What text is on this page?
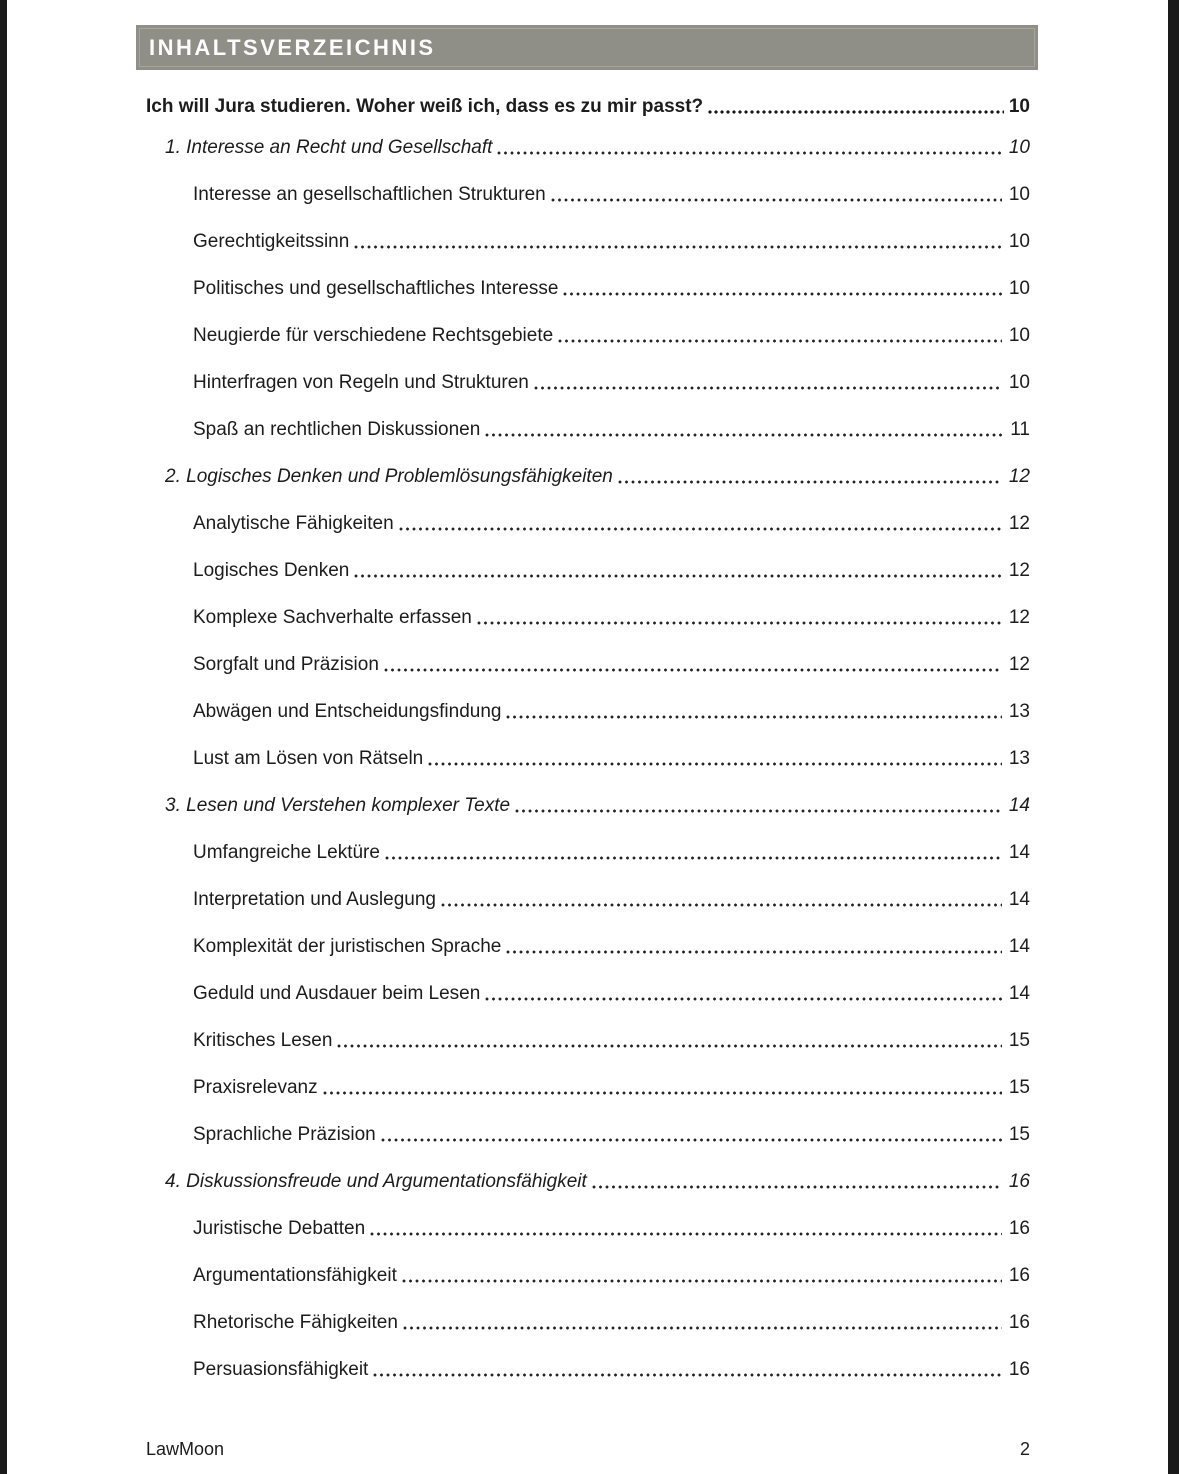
INHALTSVERZEICHNIS
Ich will Jura studieren. Woher weiß ich, dass es zu mir passt?	10
1. Interesse an Recht und Gesellschaft	10
Interesse an gesellschaftlichen Strukturen	10
Gerechtigkeitssinn	10
Politisches und gesellschaftliches Interesse	10
Neugierde für verschiedene Rechtsgebiete	10
Hinterfragen von Regeln und Strukturen	10
Spaß an rechtlichen Diskussionen	11
2. Logisches Denken und Problemlösungsfähigkeiten	12
Analytische Fähigkeiten	12
Logisches Denken	12
Komplexe Sachverhalte erfassen	12
Sorgfalt und Präzision	12
Abwägen und Entscheidungsfindung	13
Lust am Lösen von Rätseln	13
3. Lesen und Verstehen komplexer Texte	14
Umfangreiche Lektüre	14
Interpretation und Auslegung	14
Komplexität der juristischen Sprache	14
Geduld und Ausdauer beim Lesen	14
Kritisches Lesen	15
Praxisrelevanz	15
Sprachliche Präzision	15
4. Diskussionsfreude und Argumentationsfähigkeit	16
Juristische Debatten	16
Argumentationsfähigkeit	16
Rhetorische Fähigkeiten	16
Persuasionsfähigkeit	16
LawMoon	2
